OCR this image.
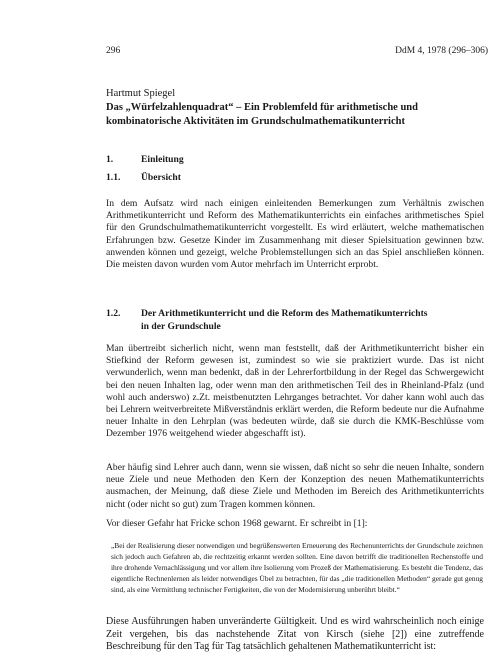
296	DdM 4, 1978 (296–306)
Hartmut Spiegel
Das „Würfelzahlenquadrat“ – Ein Problemfeld für arithmetische und kombinatorische Aktivitäten im Grundschulmathematikunterricht
1.	Einleitung
1.1. Übersicht

In dem Aufsatz wird nach einigen einleitenden Bemerkungen zum Verhältnis zwischen Arithmetikunterricht und Reform des Mathematikunterrichts ein einfaches arithmetisches Spiel für den Grundschulmathematikunterricht vorgestellt. Es wird erläutert, welche mathematischen Erfahrungen bzw. Gesetze Kinder im Zusammenhang mit dieser Spielsituation gewinnen bzw. anwenden können und gezeigt, welche Problemstellungen sich an das Spiel anschließen können. Die meisten davon wurden vom Autor mehrfach im Unterricht erprobt.

1.2. Der Arithmetikunterricht und die Reform des Mathematikunterrichts
in der Grundschule

Man übertreibt sicherlich nicht, wenn man feststellt, daß der Arithmetikunterricht bisher ein Stiefkind der Reform gewesen ist, zumindest so wie sie praktiziert wurde. Das ist nicht verwunderlich, wenn man bedenkt, daß in der Lehrerfortbildung in der Regel das Schwergewicht bei den neuen Inhalten lag, oder wenn man den arithmetischen Teil des in Rheinland-Pfalz (und wohl auch anderswo) z.Zt. meistbenutzten Lehrganges betrachtet. Vor daher kann wohl auch das bei Lehrern weitverbreitete Mißverständnis erklärt werden, die Reform bedeute nur die Aufnahme neuer Inhalte in den Lehrplan (was bedeuten würde, daß sie durch die KMK-Beschlüsse vom Dezember 1976 weitgehend wieder abgeschafft ist).

Aber häufig sind Lehrer auch dann, wenn sie wissen, daß nicht so sehr die neuen Inhalte, sondern neue Ziele und neue Methoden den Kern der Konzeption des neuen Mathematikunterrichts ausmachen, der Meinung, daß diese Ziele und Methoden im Bereich des Arithmetikunterrichts nicht (oder nicht so gut) zum Tragen kommen können.

Vor dieser Gefahr hat Fricke schon 1968 gewarnt. Er schreibt in [1]:

„Bei der Realisierung dieser notwendigen und begrüßenswerten Erneuerung des Rechenunterrichts der Grundschule zeichnen sich jedoch auch Gefahren ab, die rechtzeitig erkannt werden sollten. Eine davon betrifft die traditionellen Rechenstoffe und ihre drohende Vernachlässigung und vor allem ihre Isolierung vom Prozeß der Mathematisierung. Es besteht die Tendenz, das eigentliche Rechnenlernen als leider notwendiges Übel zu betrachten, für das „die traditionellen Methoden“ gerade gut genug sind, als eine Vermittlung technischer Fertigkeiten, die von der Modernisierung unberührt bleibt.“

Diese Ausführungen haben unveränderte Gültigkeit. Und es wird wahrscheinlich noch einige Zeit vergehen, bis das nachstehende Zitat von Kirsch (siehe [2]) eine zutreffende Beschreibung für den Tag für Tag tatsächlich gehaltenen Mathematikunterricht ist:
